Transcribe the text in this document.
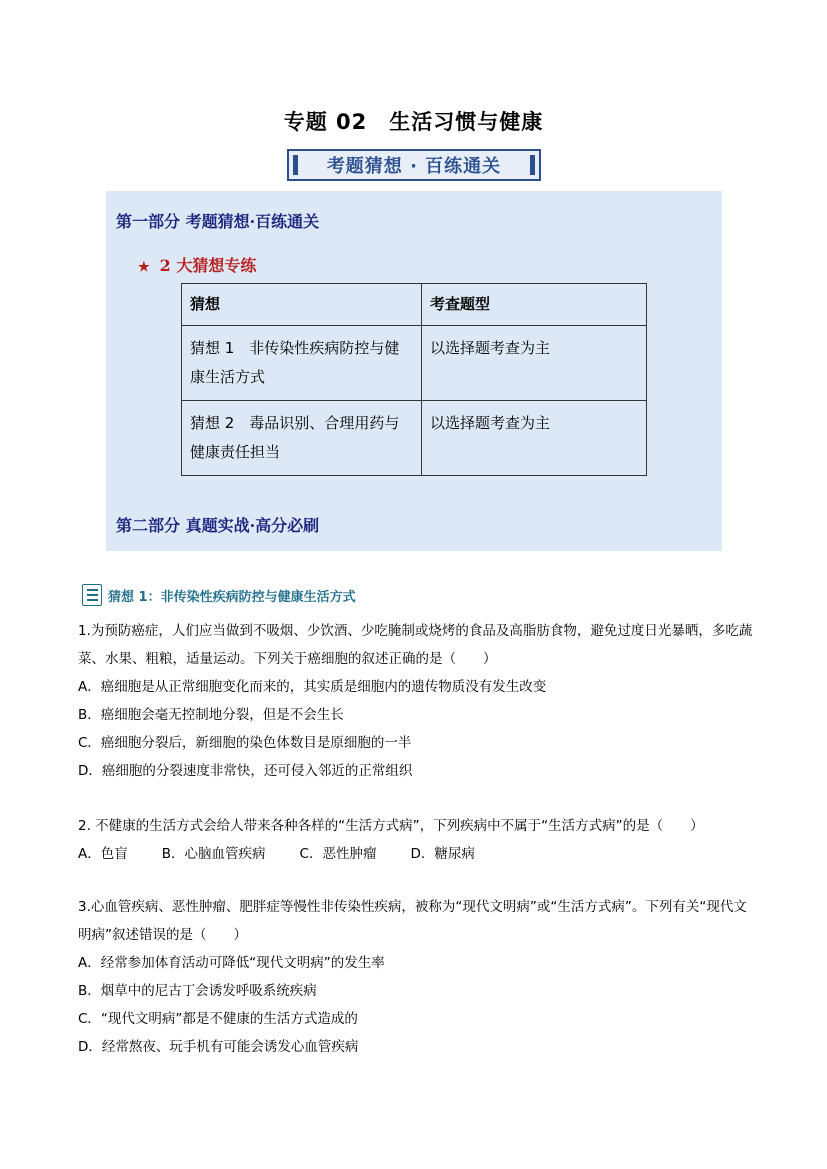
专题 02　生活习惯与健康
考题猜想 · 百练通关
第一部分 考题猜想·百练通关
★ 2 大猜想专练
猜想	考查题型
猜想 1　非传染性疾病防控与健康生活方式	以选择题考查为主
猜想 2　毒品识别、合理用药与健康责任担当	以选择题考查为主
第二部分 真题实战·高分必刷
猜想 1：非传染性疾病防控与健康生活方式

1.为预防癌症，人们应当做到不吸烟、少饮酒、少吃腌制或烧烤的食品及高脂肪食物，避免过度日光暴晒，多吃蔬菜、水果、粗粮，适量运动。下列关于癌细胞的叙述正确的是（　　）

A．癌细胞是从正常细胞变化而来的，其实质是细胞内的遗传物质没有发生改变

B．癌细胞会毫无控制地分裂，但是不会生长

C．癌细胞分裂后，新细胞的染色体数目是原细胞的一半

D．癌细胞的分裂速度非常快，还可侵入邻近的正常组织

2. 不健康的生活方式会给人带来各种各样的“生活方式病”，下列疾病中不属于“生活方式病”的是（　　）

A．色盲	B．心脑血管疾病	C．恶性肿瘤	D．糖尿病

3.心血管疾病、恶性肿瘤、肥胖症等慢性非传染性疾病，被称为“现代文明病”或“生活方式病”。下列有关“现代文明病”叙述错误的是（　　）

A．经常参加体育活动可降低“现代文明病”的发生率

B．烟草中的尼古丁会诱发呼吸系统疾病

C．“现代文明病”都是不健康的生活方式造成的

D．经常熬夜、玩手机有可能会诱发心血管疾病
